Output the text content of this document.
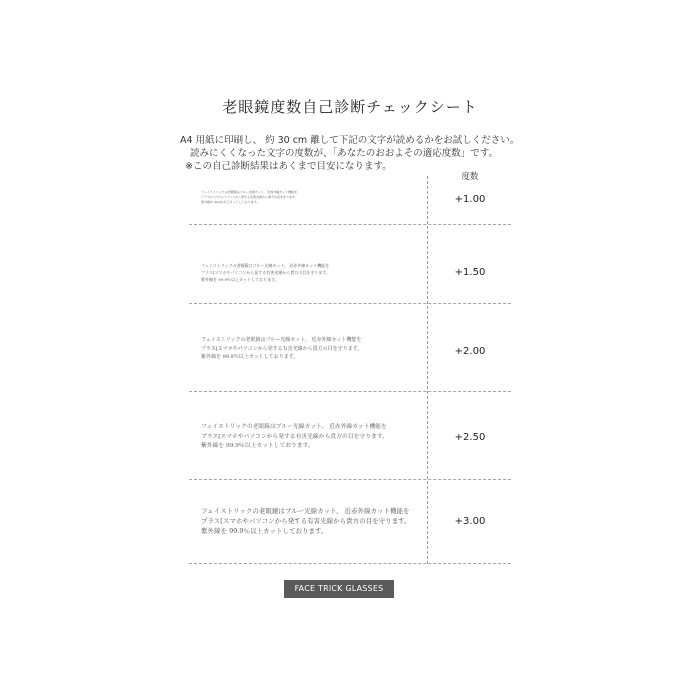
老眼鏡度数自己診断チェックシート
A4 用紙に印刷し、 約 30 cm 離して下記の文字が読めるかをお試しください。
読みにくくなった文字の度数が、「あなたのおおよその適応度数」です。
※この自己診断結果はあくまで目安になります。
度数
フェイストリックの老眼鏡はブルー光線カット、 近赤外線カット機能を
プラス[スマホやパソコンから発する有害光線から貴方の目を守ります。
紫外線を 99.9％以上カットしております。	+1.00
フェイストリックの老眼鏡はブルー光線カット、 近赤外線カット機能を
プラス[スマホやパソコンから発する有害光線から貴方の目を守ります。
紫外線を 99.9％以上カットしております。
+1.50
フェイストリックの老眼鏡はブルー光線カット、 近赤外線カット機能を
プラス[スマホやパソコンから発する有害光線から貴方の目を守ります。
紫外線を 99.9％以上カットしております。	+2.00
フェイストリックの老眼鏡はブルー光線カット、 近赤外線カット機能を
プラス[スマホやパソコンから発する有害光線から貴方の目を守ります。
紫外線を 99.9％以上カットしております。
+2.50
フェイストリックの老眼鏡はブルー光線カット、 近赤外線カット機能を
プラス[スマホやパソコンから発する有害光線から貴方の目を守ります。
紫外線を 99.9％以上カットしております。
+3.00
FACE TRICK GLASSES
